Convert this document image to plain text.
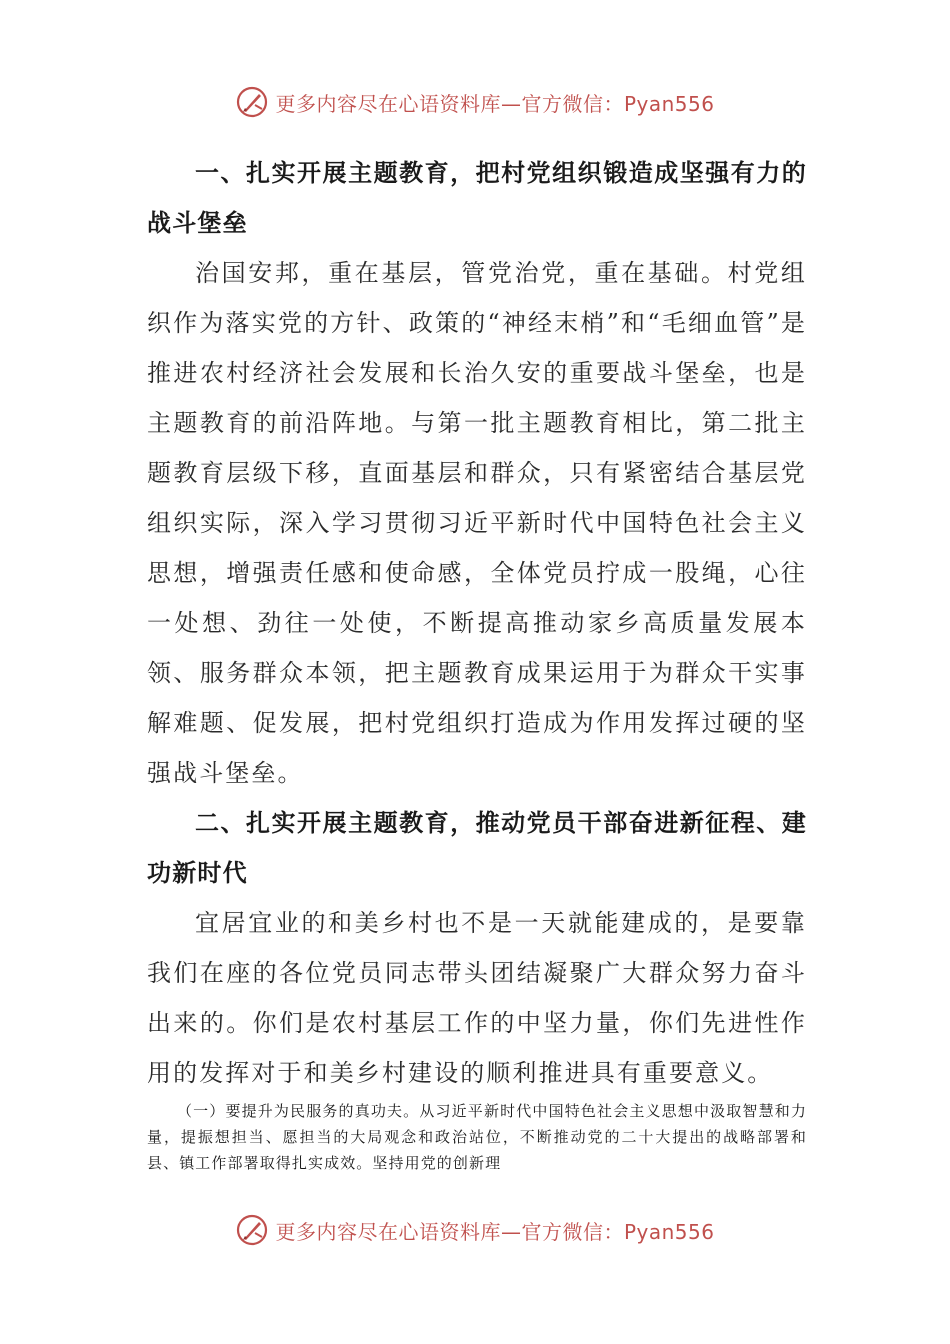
更多内容尽在心语资料库—官方微信：Pyan556

一、扎实开展主题教育，把村党组织锻造成坚强有力的战斗堡垒

治国安邦，重在基层，管党治党，重在基础。村党组织作为落实党的方针、政策的“神经末梢”和“毛细血管”是推进农村经济社会发展和长治久安的重要战斗堡垒，也是主题教育的前沿阵地。与第一批主题教育相比，第二批主题教育层级下移，直面基层和群众，只有紧密结合基层党组织实际，深入学习贯彻习近平新时代中国特色社会主义思想，增强责任感和使命感，全体党员拧成一股绳，心往一处想、劲往一处使，不断提高推动家乡高质量发展本领、服务群众本领，把主题教育成果运用于为群众干实事解难题、促发展，把村党组织打造成为作用发挥过硬的坚强战斗堡垒。

二、扎实开展主题教育，推动党员干部奋进新征程、建功新时代

宜居宜业的和美乡村也不是一天就能建成的，是要靠我们在座的各位党员同志带头团结凝聚广大群众努力奋斗出来的。你们是农村基层工作的中坚力量，你们先进性作用的发挥对于和美乡村建设的顺利推进具有重要意义。

（一）要提升为民服务的真功夫。从习近平新时代中国特色社会主义思想中汲取智慧和力量，提振想担当、愿担当的大局观念和政治站位，不断推动党的二十大提出的战略部署和县、镇工作部署取得扎实成效。坚持用党的创新理

更多内容尽在心语资料库—官方微信：Pyan556
